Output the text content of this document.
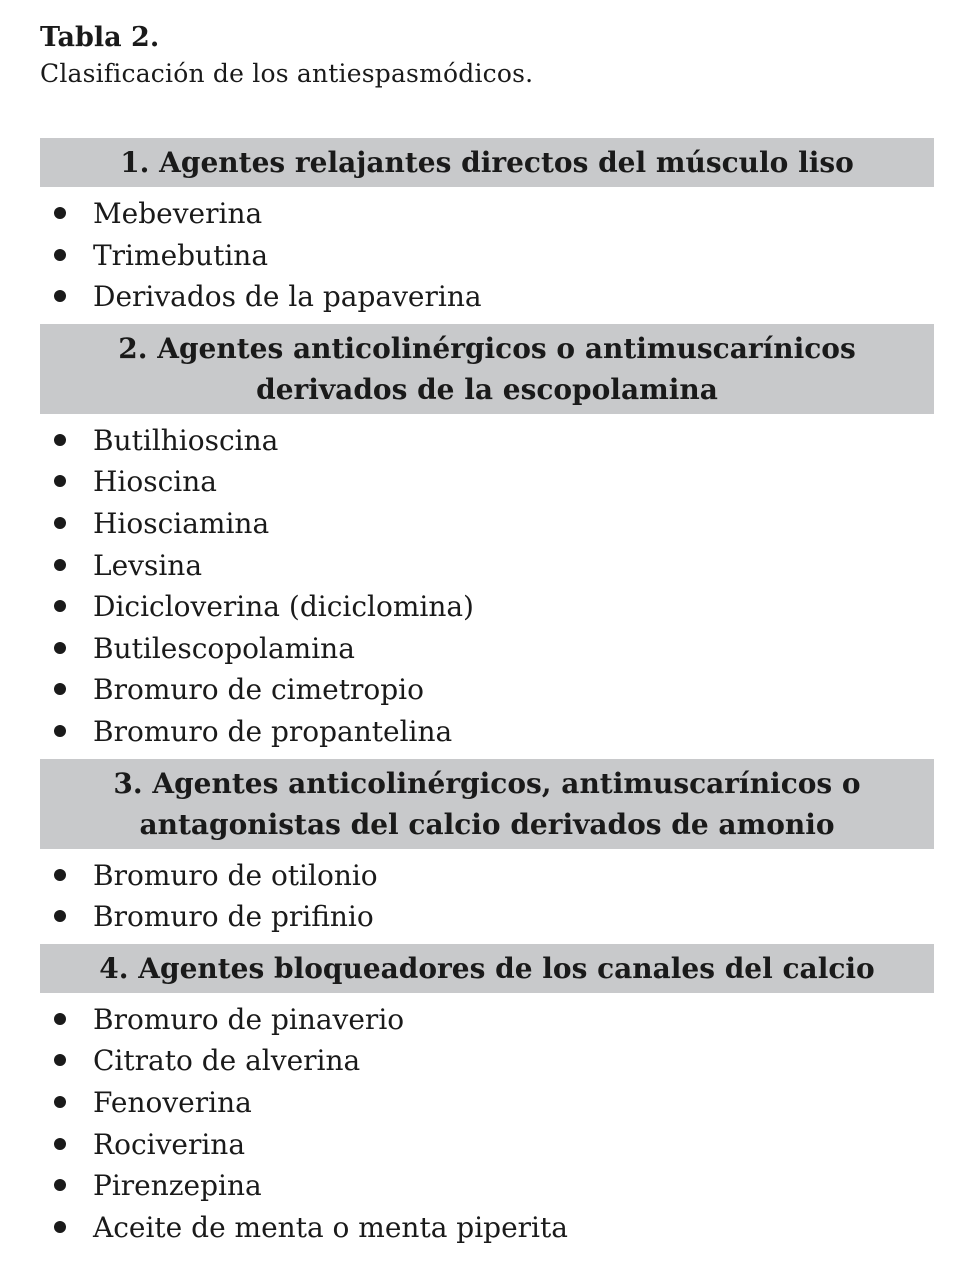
Tabla 2.
Clasificación de los antiespasmódicos.
1. Agentes relajantes directos del músculo liso
Mebeverina
Trimebutina
Derivados de la papaverina
2. Agentes anticolinérgicos o antimuscarínicos derivados de la escopolamina
Butilhioscina
Hioscina
Hiosciamina
Levsina
Dicicloverina (diciclomina)
Butilescopolamina
Bromuro de cimetropio
Bromuro de propantelina
3. Agentes anticolinérgicos, antimuscarínicos o antagonistas del calcio derivados de amonio
Bromuro de otilonio
Bromuro de prifinio
4. Agentes bloqueadores de los canales del calcio
Bromuro de pinaverio
Citrato de alverina
Fenoverina
Rociverina
Pirenzepina
Aceite de menta o menta piperita
